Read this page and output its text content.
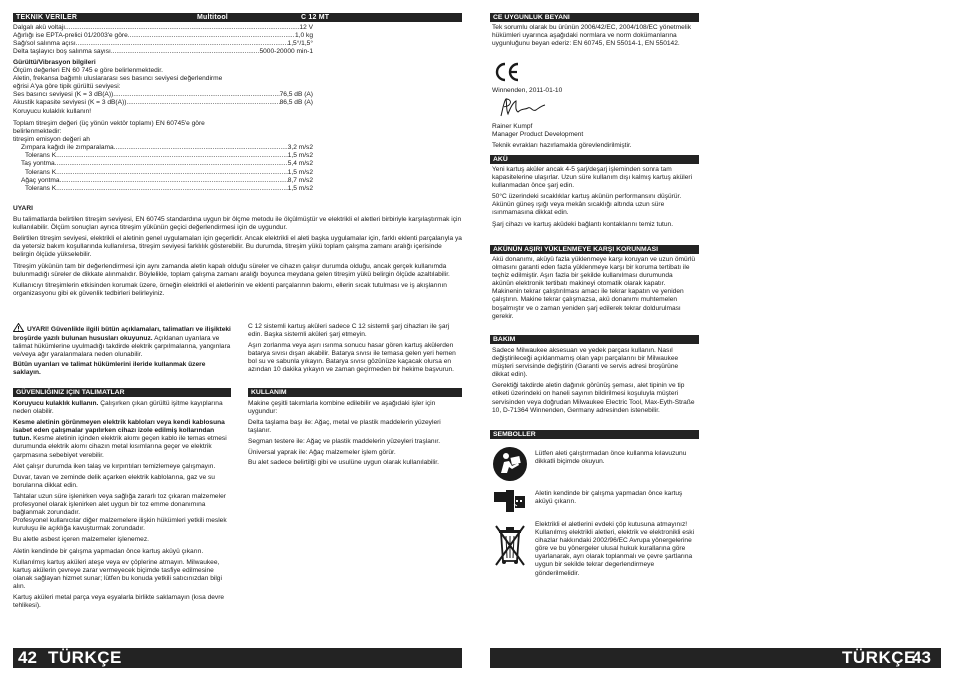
TEKNIK VERILER	Multitool	C 12 MT
Dalgalı akü voltajı .....	12 V
Ağırlığı ise EPTA-prelici 01/2003'e göre .....	1,0 kg
Sağ/sol salınma açısı .....	1,5°/1,5°
Delta taşlayıcı boş salınma sayısı .....	5000-20000 min-1
Gürültü/Vibrasyon bilgileri
Ölçüm değerleri EN 60 745 e göre belirlenmektedir.
Aletin, frekansa bağımlı uluslararası ses basıncı seviyesi değerlendirme eğrisi A'ya göre tipik gürültü seviyesi:
Ses basıncı seviyesi (K = 3 dB(A)) .....	76,5 dB (A)
Akustik kapasite seviyesi (K = 3 dB(A)) .....	86,5 dB (A)
Koruyucu kulaklık kullanın!
Toplam titreşim değeri (üç yönün vektör toplamı) EN 60745'e göre belirlenmektedir:
titreşim emisyon değeri ah
Zımpara kağıdı ile zımparalama .....	3,2 m/s2
Tolerans K .....	1,5 m/s2
Taş yontma .....	5,4 m/s2
Tolerans K .....	1,5 m/s2
Ağaç yontma .....	8,7 m/s2
Tolerans K .....	1,5 m/s2

UYARI

Bu talimatlarda belirtilen titreşim seviyesi, EN 60745 standardına uygun bir ölçme metodu ile ölçülmüştür ve elektrikli el aletleri birbiriyle karşılaştırmak için kullanılabilir. Ölçüm sonuçları ayrıca titreşim yükünün geçici değerlendirmesi için de uygundur.

Belirtilen titreşim seviyesi, elektrikli el aletinin genel uygulamaları için geçerlidir. Ancak elektrikli el aleti başka uygulamalar için, farklı eklenti parçalarıyla ya da yetersiz bakım koşullarında kullanılırsa, titreşim seviyesi farklılık gösterebilir. Bu durumda, titreşim yükü toplam çalışma zamanı aralığı içerisinde belirgin ölçüde yükselebilir.

Titreşim yükünün tam bir değerlendirmesi için aynı zamanda aletin kapalı olduğu süreler ve cihazın çalışır durumda olduğu, ancak gerçek kullanımda bulunmadığı süreler de dikkate alınmalıdır. Böylelikle, toplam çalışma zamanı aralığı boyunca meydana gelen titreşim yükü belirgin ölçüde azaltılabilir.

Kullanıcıyı titreşimlerin etkisinden korumak üzere, örneğin elektrikli el aletlerinin ve eklenti parçalarının bakımı, ellerin sıcak tutulması ve iş akışlarının organizasyonu gibi ek güvenlik tedbirleri belirleyiniz.

UYARI! Güvenlikle ilgili bütün açıklamaları, talimatları ve ilişikteki broşürde yazılı bulunan hususları okuyunuz. Açıklanan uyarılara ve talimat hükümlerine uyulmadığı takdirde elektrik çarpılmalarına, yangınlara ve/veya ağır yaralanmalara neden olunabilir.

Bütün uyarıları ve talimat hükümlerini ileride kullanmak üzere saklayın.

GÜVENLIĞINIZ IÇIN TALIMATLAR

Koruyucu kulaklık kullanın. Çalışırken çıkan gürültü işitme kayıplarına neden olabilir.

Kesme aletinin görünmeyen elektrik kabloları veya kendi kablosuna isabet eden çalışmalar yapılırken cihazı izole edilmiş kollarından tutun. Kesme aletinin içinden elektrik akımı geçen kablo ile temas etmesi durumunda elektrik akımı cihazın metal kısımlarına geçer ve elektrik çarpmasına sebebiyet verebilir.

Alet çalışır durumda iken talaş ve kırpıntıları temizlemeye çalışmayın.

Duvar, tavan ve zeminde delik açarken elektrik kablolarına, gaz ve su borularına dikkat edin.

Tahtalar uzun süre işlenirken veya sağlığa zararlı toz çıkaran malzemeler profesyonel olarak işlenirken alet uygun bir toz emme donanımına bağlanmak zorundadır.

Profesyonel kullanıcılar diğer malzemelere ilişkin hükümleri yetkili meslek kuruluşu ile açıklığa kavuşturmak zorundadır.

Bu aletle asbest içeren malzemeler işlenemez.

Aletin kendinde bir çalışma yapmadan önce kartuş aküyü çıkarın.

Kullanılmış kartuş aküleri ateşe veya ev çöplerine atmayın. Milwaukee, kartuş akülerin çevreye zarar vermeyecek biçimde tasfiye edilmesine olanak sağlayan hizmet sunar; lütfen bu konuda yetkili satıcınızdan bilgi alın.

Kartuş aküleri metal parça veya eşyalarla birlikte saklamayın (kısa devre tehlikesi).

C 12 sistemli kartuş aküleri sadece C 12 sistemli şarj cihazları ile şarj edin. Başka sistemli aküleri şarj etmeyin.

Aşırı zorlanma veya aşırı ısınma sonucu hasar gören kartuş akülerden batarya sıvısı dışarı akabilir. Batarya sıvısı ile temasa gelen yeri hemen bol su ve sabunla yıkayın. Batarya sıvısı gözünüze kaçacak olursa en azından 10 dakika yıkayın ve zaman geçirmeden bir hekime başvurun.

KULLANIM

Makine çeşitli takımlarla kombine edilebilir ve aşağıdaki işler için uygundur:

Delta taşlama başı ile: Ağaç, metal ve plastik maddelerin yüzeyleri taşlanır.

Segman testere ile: Ağaç ve plastik maddelerin yüzeyleri traşlanır.

Üniversal yaprak ile: Ağaç malzemeler işlem görür.

Bu alet sadece belirtilği gibi ve usulüne uygun olarak kullanılabilir.

42 TÜRKÇE
CE UYGUNLUK BEYANI

Tek sorumlu olarak bu ürünün 2006/42/EC, 2004/108/EC yönetmelik hükümleri uyarınca aşağıdaki normlara ve norm dokümanlarına uygunluğunu beyan ederiz: EN 60745, EN 55014-1, EN 550142.

Winnenden, 2011-01-10
Rainer Kumpf
Manager Product Development
Teknik evrakları hazırlamakla görevlendirilmiştir.
AKÜ

Yeni kartuş aküler ancak 4-5 şarj/deşarj işleminden sonra tam kapasitelerine ulaşırlar. Uzun süre kullanım dışı kalmış kartuş aküleri kullanmadan önce şarj edin.

50°C üzerindeki sıcaklıklar kartuş akünün performansını düşürür. Akünün güneş ışığı veya mekân sıcaklığı altında uzun süre ısınmamasına dikkat edin.

Şarj cihazı ve kartuş aküdeki bağlantı kontaklarını temiz tutun.

AKÜNÜN AŞIRI YÜKLENMEYE KARŞI KORUNMASI

Akü donanımı, aküyü fazla yüklenmeye karşı koruyan ve uzun ömürlü olmasını garanti eden fazla yüklenmeye karşı bir koruma tertibatı ile teçhiz edilmiştir. Aşırı fazla bir şekilde kullanılması durumunda akünün elektronik tertibatı makineyi otomatik olarak kapatır. Makinenin tekrar çalıştırılması amacı ile tekrar kapatın ve yeniden çalıştırın. Makine tekrar çalışmazsa, akü donanımı muhtemelen boşalmıştır ve o zaman yeniden şarj edilerek tekrar doldurulması gerekir.

BAKIM

Sadece Milwaukee aksesuarı ve yedek parçası kullanın. Nasıl değiştirileceği açıklanmamış olan yapı parçalarını bir Milwaukee müşteri servisinde değiştirin (Garanti ve servis adresi broşürüne dikkat edin).

Gerektiği takdirde aletin dağınık görünüş şeması, alet tipinin ve tip etiketi üzerindeki on haneli sayının bildirilmesi koşuluyla müşteri servisinden veya doğrudan Milwaukee Electric Tool, Max-Eyth-Straße 10, D-71364 Winnenden, Germany adresinden istenebilir.

SEMBOLLER
Lütfen aleti çalıştırmadan önce kullanma kılavuzunu dikkatli biçimde okuyun.
Aletin kendinde bir çalışma yapmadan önce kartuş aküyü çıkarın.
Elektrikli el aletlerini evdeki çöp kutusuna atmayınız! Kullanılmış elektrikli aletleri, elektrik ve elektronikli eski cihazlar hakkındaki 2002/96/EC Avrupa yönergelerine göre ve bu yönergeler ulusal hukuk kurallarına göre uyarlanarak, ayrı olarak toplanmalı ve çevre şartlarına uygun bir sekilde tekrar degerlendirmeye gönderilmelidir.
TÜRKÇE
43
